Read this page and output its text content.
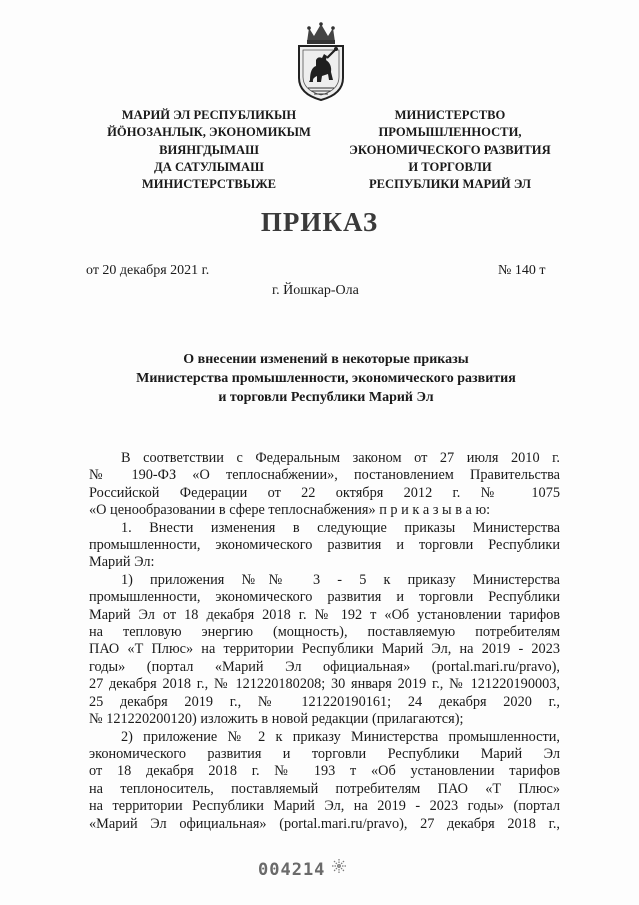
МАРИЙ ЭЛ РЕСПУБЛИКЫН
ЙӦНОЗАНЛЫК, ЭКОНОМИКЫМ
ВИЯНГДЫМАШ
ДА САТУЛЫМАШ
МИНИСТЕРСТВЫЖЕ
МИНИСТЕРСТВО
ПРОМЫШЛЕННОСТИ,
ЭКОНОМИЧЕСКОГО РАЗВИТИЯ
И ТОРГОВЛИ
РЕСПУБЛИКИ МАРИЙ ЭЛ
ПРИКАЗ
от 20 декабря 2021 г.	№ 140 т
г. Йошкар-Ола
О внесении изменений в некоторые приказы
Министерства промышленности, экономического развития
и торговли Республики Марий Эл
В соответствии с Федеральным законом от 27 июля 2010 г.
№ 190-ФЗ «О теплоснабжении», постановлением Правительства
Российской Федерации от 22 октября 2012 г. № 1075
«О ценообразовании в сфере теплоснабжения» п р и к а з ы в а ю:
1. Внести изменения в следующие приказы Министерства
промышленности, экономического развития и торговли Республики
Марий Эл:
1) приложения №№ 3 - 5 к приказу Министерства
промышленности, экономического развития и торговли Республики
Марий Эл от 18 декабря 2018 г. № 192 т «Об установлении тарифов
на тепловую энергию (мощность), поставляемую потребителям
ПАО «Т Плюс» на территории Республики Марий Эл, на 2019 - 2023
годы» (портал «Марий Эл официальная» (portal.mari.ru/pravo),
27 декабря 2018 г., № 121220180208; 30 января 2019 г., № 121220190003,
25 декабря 2019 г., № 121220190161; 24 декабря 2020 г.,
№ 121220200120) изложить в новой редакции (прилагаются);
2) приложение № 2 к приказу Министерства промышленности,
экономического развития и торговли Республики Марий Эл
от 18 декабря 2018 г. № 193 т «Об установлении тарифов
на теплоноситель, поставляемый потребителям ПАО «Т Плюс»
на территории Республики Марий Эл, на 2019 - 2023 годы» (портал
«Марий Эл официальная» (portal.mari.ru/pravo), 27 декабря 2018 г.,
004214
